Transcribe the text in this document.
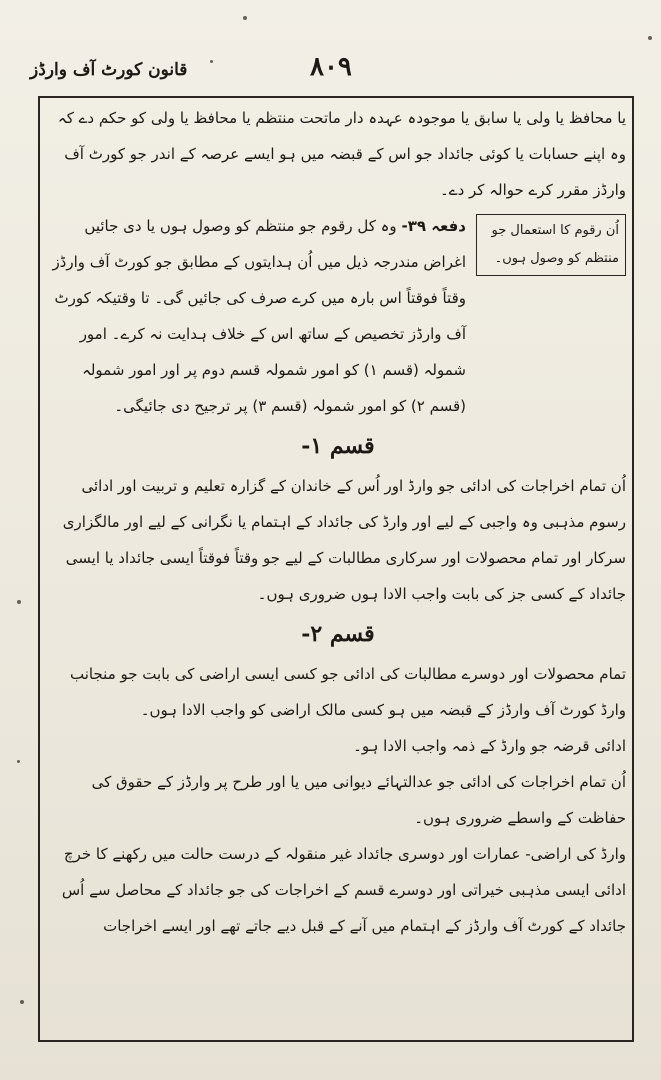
۸۰۹
قانون کورٹ آف وارڈز

یا محافظ یا ولی یا سابق یا موجودہ عہدہ دار ماتحت منتظم یا محافظ یا ولی کو حکم دے کہ وہ اپنے حسابات یا کوئی جائداد جو اس کے قبضہ میں ہو ایسے عرصہ کے اندر جو کورٹ آف وارڈز مقرر کرے حوالہ کر دے۔

اُن رقوم کا استعمال جو منتظم کو وصول ہوں۔

دفعہ ۳۹- وہ کل رقوم جو منتظم کو وصول ہوں یا دی جائیں اغراض مندرجہ ذیل میں اُن ہدایتوں کے مطابق جو کورٹ آف وارڈز وقتاً فوقتاً اس بارہ میں کرے صرف کی جائیں گی۔ تا وقتیکہ کورٹ آف وارڈز تخصیص کے ساتھ اس کے خلاف ہدایت نہ کرے۔ امور شمولہ (قسم ۱) کو امور شمولہ قسم دوم پر اور امور شمولہ (قسم ۲) کو امور شمولہ (قسم ۳) پر ترجیح دی جائیگی۔

قسم ۱-

اُن تمام اخراجات کی ادائی جو وارڈ اور اُس کے خاندان کے گزارہ تعلیم و تربیت اور ادائی رسوم مذہبی وہ واجبی کے لیے اور وارڈ کی جائداد کے اہتمام یا نگرانی کے لیے اور مالگزاری سرکار اور تمام محصولات اور سرکاری مطالبات کے لیے جو وقتاً فوقتاً ایسی جائداد یا ایسی جائداد کے کسی جز کی بابت واجب الادا ہوں ضروری ہوں۔

قسم ۲-

تمام محصولات اور دوسرے مطالبات کی ادائی جو کسی ایسی اراضی کی بابت جو منجانب وارڈ کورٹ آف وارڈز کے قبضہ میں ہو کسی مالک اراضی کو واجب الادا ہوں۔

ادائی قرضہ جو وارڈ کے ذمہ واجب الادا ہو۔

اُن تمام اخراجات کی ادائی جو عدالتہائے دیوانی میں یا اور طرح پر وارڈز کے حقوق کی حفاظت کے واسطے ضروری ہوں۔

وارڈ کی اراضی- عمارات اور دوسری جائداد غیر منقولہ کے درست حالت میں رکھنے کا خرچ ادائی ایسی مذہبی خیراتی اور دوسرے قسم کے اخراجات کی جو جائداد کے محاصل سے اُس جائداد کے کورٹ آف وارڈز کے اہتمام میں آنے کے قبل دیے جاتے تھے اور ایسے اخراجات
